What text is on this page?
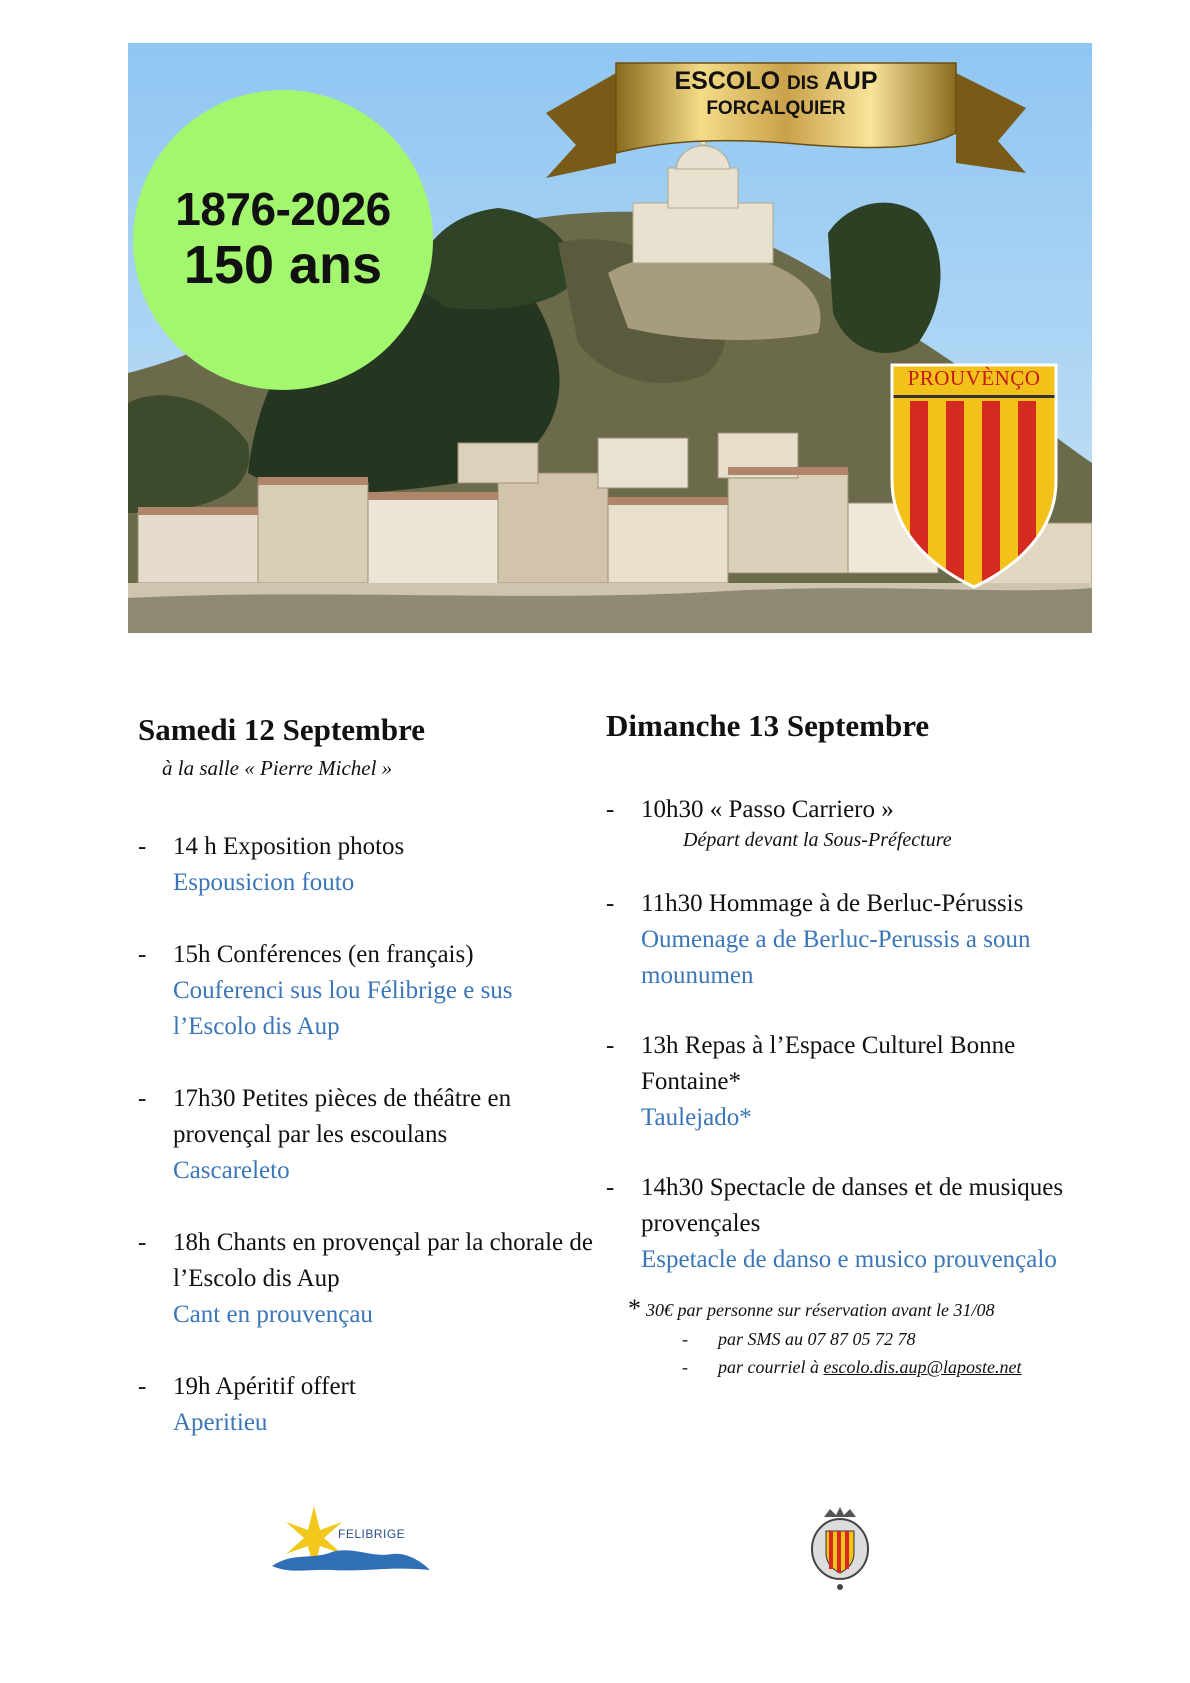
1876-2026
150 ans
ESCOLO DIS AUP
FORCALQUIER
PROUVÈNÇO
Samedi 12 Septembre
à la salle « Pierre Michel »
- 14 h Exposition photos
Espousicion fouto
- 15h Conférences (en français)
Couferenci sus lou Félibrige e sus l’Escolo dis Aup
- 17h30 Petites pièces de théâtre en provençal par les escoulans
Cascareleto
- 18h Chants en provençal par la chorale de l’Escolo dis Aup
Cant en prouvençau
- 19h Apéritif offert
Aperitieu
Dimanche 13 Septembre
- 10h30 « Passo Carriero »
Départ devant la Sous-Préfecture
- 11h30 Hommage à de Berluc-Pérussis
Oumenage a de Berluc-Perussis a soun mounumen
- 13h Repas à l’Espace Culturel Bonne Fontaine*
Taulejado*
- 14h30 Spectacle de danses et de musiques provençales
Espetacle de danso e musico prouvençalo
* 30€ par personne sur réservation avant le 31/08
- par SMS au 07 87 05 72 78
- par courriel à escolo.dis.aup@laposte.net
FELIBRIGE
